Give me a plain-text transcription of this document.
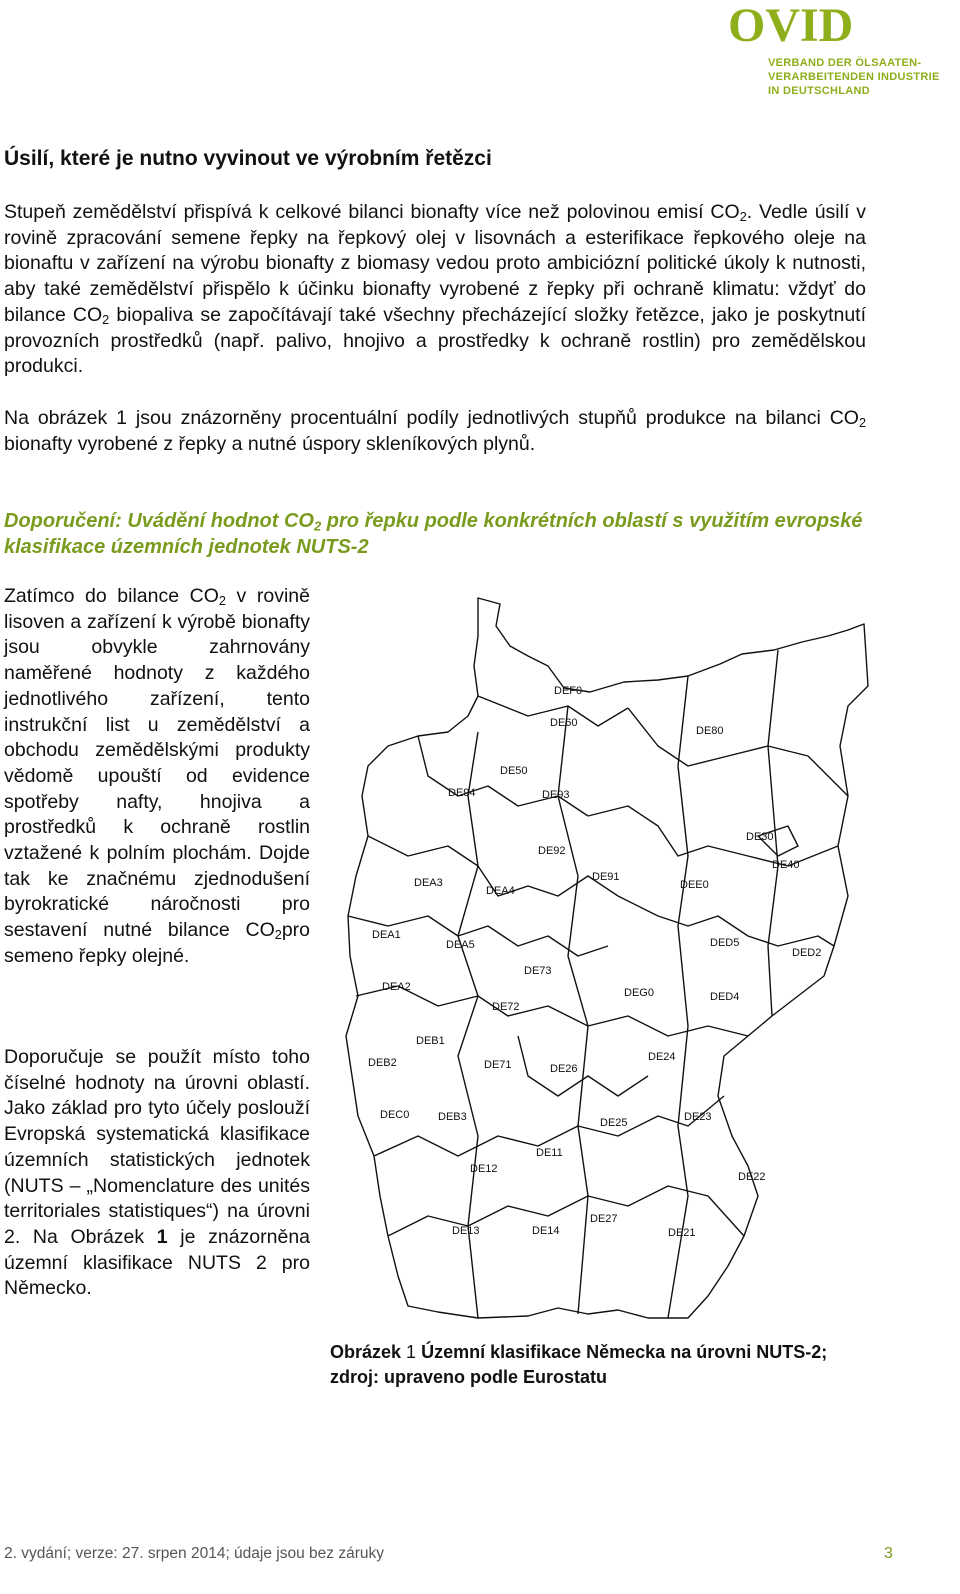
OVID
VERBAND DER ÖLSAATEN-
VERARBEITENDEN INDUSTRIE
IN DEUTSCHLAND
Úsilí, které je nutno vyvinout ve výrobním řetězci

Stupeň zemědělství přispívá k celkové bilanci bionafty více než polovinou emisí $CO_2$. Vedle úsilí v rovině zpracování semene řepky na řepkový olej v lisovnách a esterifikace řepkového oleje na bionaftu v zařízení na výrobu bionafty z biomasy vedou proto ambiciózní politické úkoly k nutnosti, aby také zemědělství přispělo k účinku bionafty vyrobené z řepky při ochraně klimatu: vždyť do bilance $CO_2$ biopaliva se započítávají také všechny přecházející složky řetězce, jako je poskytnutí provozních prostředků (např. palivo, hnojivo a prostředky k ochraně rostlin) pro zemědělskou produkci.

Na obrázek 1 jsou znázorněny procentuální podíly jednotlivých stupňů produkce na bilanci $CO_2$ bionafty vyrobené z řepky a nutné úspory skleníkových plynů.

Doporučení: Uvádění hodnot $CO_2$ pro řepku podle konkrétních oblastí s využitím evropské klasifikace územních jednotek NUTS-2

Zatímco do bilance $CO_2$ v rovině lisoven a zařízení k výrobě bionafty jsou obvykle zahrnovány naměřené hodnoty z každého jednotlivého zařízení, tento instrukční list u zemědělství a obchodu zemědělskými produkty vědomě upouští od evidence spotřeby nafty, hnojiva a prostředků k ochraně rostlin vztažené k polním plochám. Dojde tak ke značnému zjednodušení byrokratické náročnosti pro sestavení nutné bilance $CO_2pro$ semeno řepky olejné.

Doporučuje se použít místo toho číselné hodnoty na úrovni oblastí. Jako základ pro tyto účely poslouží Evropská systematická klasifikace územních statistických jednotek (NUTS – „Nomenclature des unités territoriales statistiques“) na úrovni 2. Na Obrázek 1 je znázorněna územní klasifikace NUTS 2 pro Německo.

DEF0
DE60
DE80
DE50
DE94	DE93
DE92
DE30
DE40
DE91
DEA3	DEE0
DEA4
DEA1
DEA5	DED5
DED2
DE73
DEA2	DEG0
DE72
DED4
DEB1
DE71
DE24
DEB2	DE26
DEC0	DEB3	DE25	DE23
DE11
DE12
DE22
DE27
DE13	DE14	DE21

Obrázek 1 Územní klasifikace Německa na úrovni NUTS-2; zdroj: upraveno podle Eurostatu

2. vydání; verze: 27. srpen 2014; údaje jsou bez záruky	3
